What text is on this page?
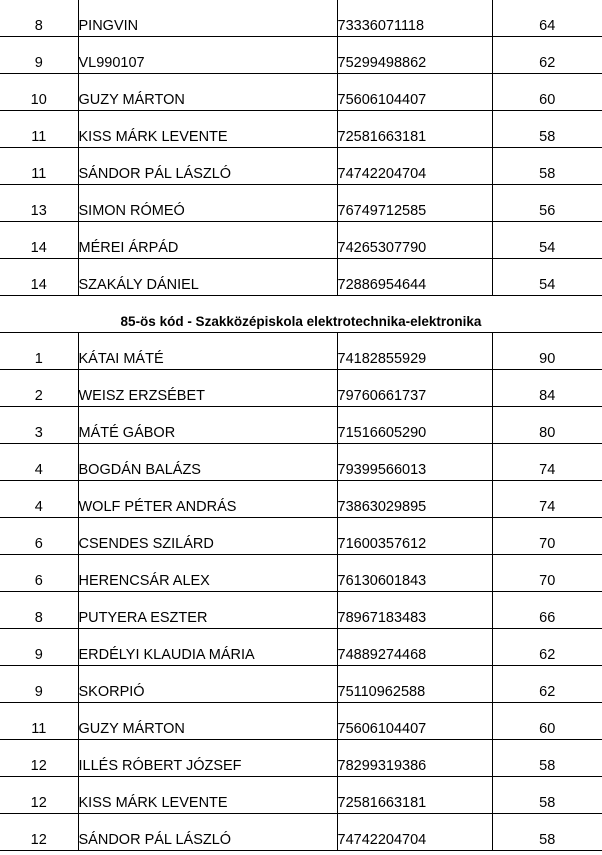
8	PINGVIN	73336071118	64
9	VL990107	75299498862	62
10	GUZY MÁRTON	75606104407	60
11	KISS MÁRK LEVENTE	72581663181	58
11	SÁNDOR PÁL LÁSZLÓ	74742204704	58
13	SIMON RÓMEÓ	76749712585	56
14	MÉREI ÁRPÁD	74265307790	54
14	SZAKÁLY DÁNIEL	72886954644	54
85-ös kód - Szakközépiskola elektrotechnika-elektronika			
1	KÁTAI MÁTÉ	74182855929	90
2	WEISZ ERZSÉBET	79760661737	84
3	MÁTÉ GÁBOR	71516605290	80
4	BOGDÁN BALÁZS	79399566013	74
4	WOLF PÉTER ANDRÁS	73863029895	74
6	CSENDES SZILÁRD	71600357612	70
6	HERENCSÁR ALEX	76130601843	70
8	PUTYERA ESZTER	78967183483	66
9	ERDÉLYI KLAUDIA MÁRIA	74889274468	62
9	SKORPIÓ	75110962588	62
11	GUZY MÁRTON	75606104407	60
12	ILLÉS RÓBERT JÓZSEF	78299319386	58
12	KISS MÁRK LEVENTE	72581663181	58
12	SÁNDOR PÁL LÁSZLÓ	74742204704	58
